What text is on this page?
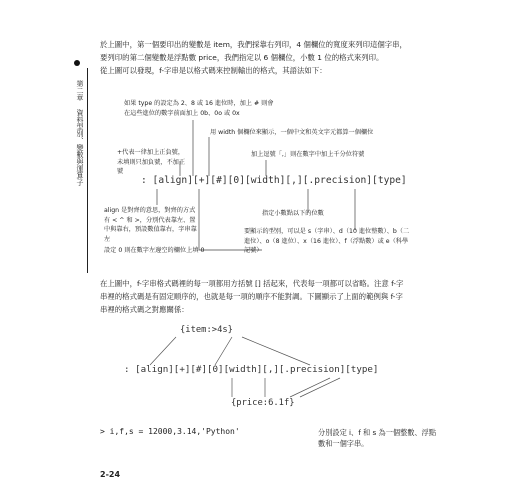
於上圖中，第一個要印出的變數是 item，我們採靠右列印，4 個欄位的寬度來列印這個字串，要列印的第二個變數是浮點數 price，我們指定以 6 個欄位，小數 1 位的格式來列印。
從上圖可以發現，f-字串是以格式碼來控制輸出的格式，其語法如下：
第二章 資料型別、變數與運算子	如果 type 的設定為 2、8 或 16 進位時，加上 # 則會在這些進位的數字前面加上 0b、0o 或 0x
用 width 個欄位來顯示，一個中文和英文字元都算一個欄位
+代表一律加上正負號，未填則只加負號，不加正號
加上逗號「,」則在數字中加上千分位符號
: [align][+][#][0][width][,][.precision][type]
align 是對齊的意思，對齊的方式有 < ^ 和 >，分別代表靠左、置中與靠右，預設數值靠右，字串靠左
指定小數點以下的位數
要顯示的型別，可以是 s（字串）、d（10 進位整數）、b（二進位）、o（8 進位）、x（16 進位）、f（浮點數）或 e（科學記號）
設定 0 則在數字左邊空的欄位上填 0
在上圖中，f-字串格式碼裡的每一項都用方括號 [] 括起來，代表每一項都可以省略。注意 f-字串裡的格式碼是有固定順序的，也就是每一項的順序不能對調。下圖顯示了上面的範例與 f-字串裡的格式碼之對應關係：
{item:>4s}
: [align][+][#][0][width][,][.precision][type]
{price:6.1f}
> i,f,s = 12000,3.14,'Python'	分別設定 i、f 和 s 為一個整數、浮點數和一個字串。
2-24
